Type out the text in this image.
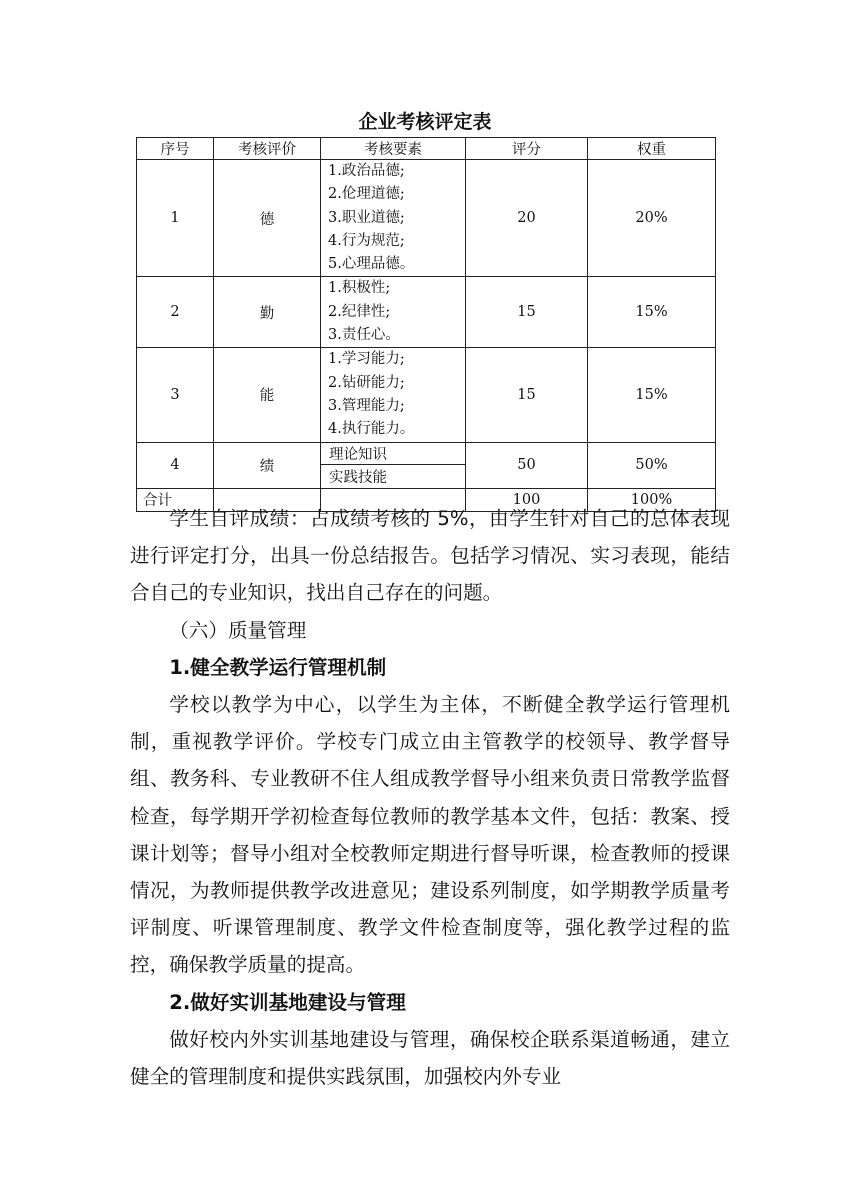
企业考核评定表
序号	考核评价	考核要素	评分	权重
1	德	1.政治品德;
2.伦理道德;
3.职业道德;
4.行为规范;
5.心理品德。	20	20%
2	勤	1.积极性;
2.纪律性;
3.责任心。	15	15%
3	能	1.学习能力;
2.钻研能力;
3.管理能力;
4.执行能力。	15	15%
4	绩	理论知识	50	50%
		实践技能		
合计			100	100%

学生自评成绩：占成绩考核的 5%，由学生针对自己的总体表现进行评定打分，出具一份总结报告。包括学习情况、实习表现，能结合自己的专业知识，找出自己存在的问题。

（六）质量管理

1.健全教学运行管理机制

学校以教学为中心，以学生为主体，不断健全教学运行管理机制，重视教学评价。学校专门成立由主管教学的校领导、教学督导组、教务科、专业教研不住人组成教学督导小组来负责日常教学监督检查，每学期开学初检查每位教师的教学基本文件，包括：教案、授课计划等；督导小组对全校教师定期进行督导听课，检查教师的授课情况，为教师提供教学改进意见；建设系列制度，如学期教学质量考评制度、听课管理制度、教学文件检查制度等，强化教学过程的监控，确保教学质量的提高。

2.做好实训基地建设与管理

做好校内外实训基地建设与管理，确保校企联系渠道畅通，建立健全的管理制度和提供实践氛围，加强校内外专业
